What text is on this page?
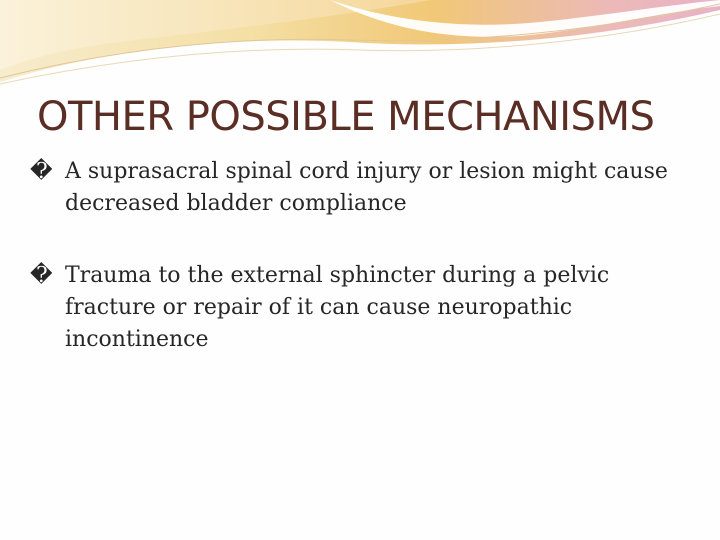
OTHER POSSIBLE MECHANISMS
� A suprasacral spinal cord injury or lesion might cause decreased bladder compliance
� Trauma to the external sphincter during a pelvic fracture or repair of it can cause neuropathic incontinence
